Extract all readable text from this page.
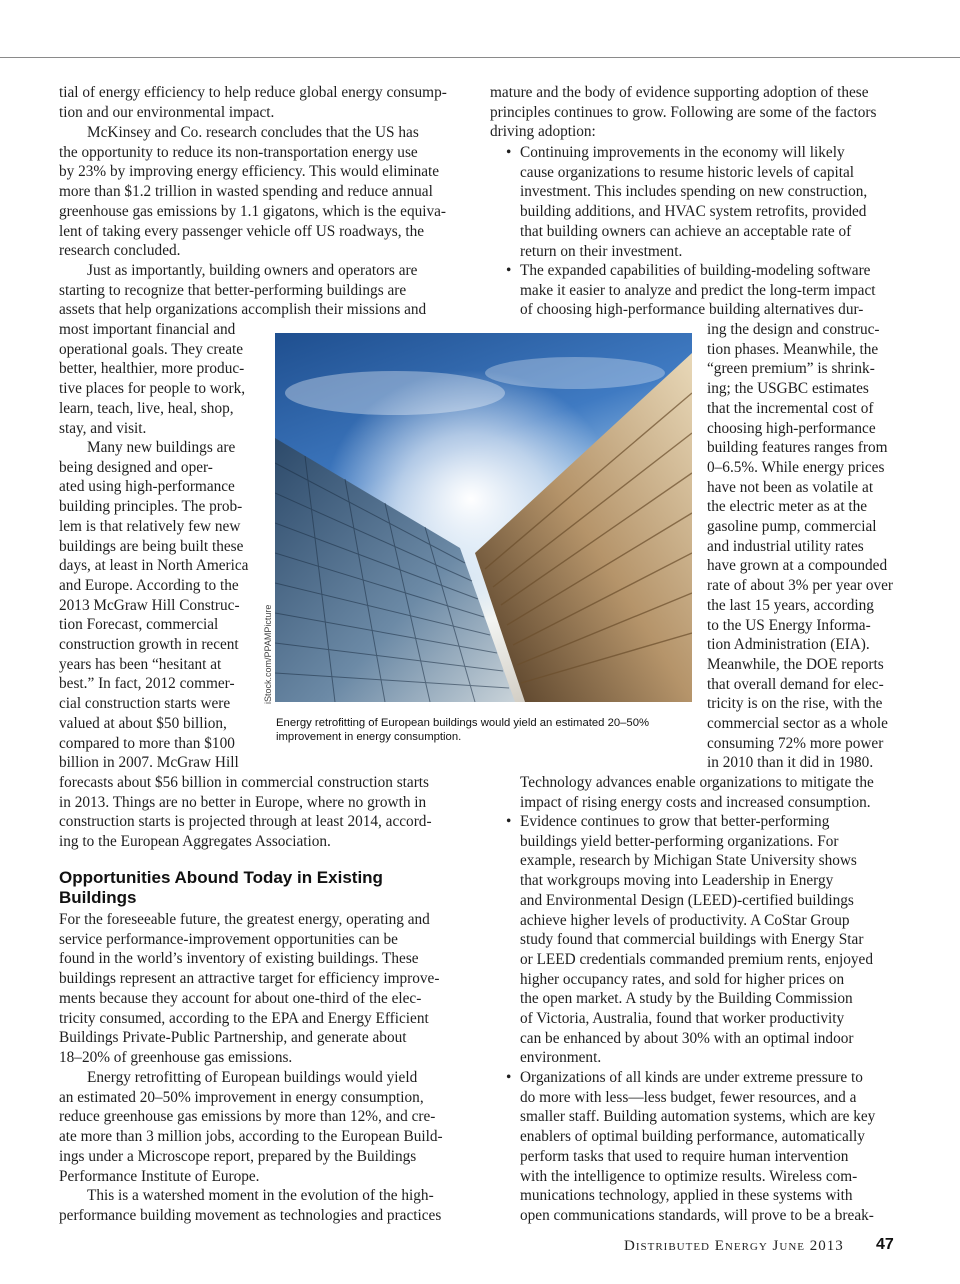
tial of energy efficiency to help reduce global energy consump-
tion and our environmental impact.

McKinsey and Co. research concludes that the US has
the opportunity to reduce its non-transportation energy use
by 23% by improving energy efficiency. This would eliminate
more than $1.2 trillion in wasted spending and reduce annual
greenhouse gas emissions by 1.1 gigatons, which is the equiva-
lent of taking every passenger vehicle off US roadways, the
research concluded.

Just as importantly, building owners and operators are
starting to recognize that better-performing buildings are
assets that help organizations accomplish their missions and

most important financial and
operational goals. They create
better, healthier, more produc-
tive places for people to work,
learn, teach, live, heal, shop,
stay, and visit.

Many new buildings are
being designed and oper-
ated using high-performance
building principles. The prob-
lem is that relatively few new
buildings are being built these
days, at least in North America
and Europe. According to the
2013 McGraw Hill Construc-
tion Forecast, commercial
construction growth in recent
years has been “hesitant at
best.” In fact, 2012 commer-
cial construction starts were
valued at about $50 billion,
compared to more than $100
billion in 2007. McGraw Hill

forecasts about $56 billion in commercial construction starts
in 2013. Things are no better in Europe, where no growth in
construction starts is projected through at least 2014, accord-
ing to the European Aggregates Association.

Opportunities Abound Today in Existing
Buildings

For the foreseeable future, the greatest energy, operating and
service performance-improvement opportunities can be
found in the world’s inventory of existing buildings. These
buildings represent an attractive target for efficiency improve-
ments because they account for about one-third of the elec-
tricity consumed, according to the EPA and Energy Efficient
Buildings Private-Public Partnership, and generate about
18–20% of greenhouse gas emissions.

Energy retrofitting of European buildings would yield
an estimated 20–50% improvement in energy consumption,
reduce greenhouse gas emissions by more than 12%, and cre-
ate more than 3 million jobs, according to the European Build-
ings under a Microscope report, prepared by the Buildings
Performance Institute of Europe.

This is a watershed moment in the evolution of the high-
performance building movement as technologies and practices

iStock.com/PPAMPicture

Energy retrofitting of European buildings would yield an estimated 20–50%
improvement in energy consumption.

mature and the body of evidence supporting adoption of these
principles continues to grow. Following are some of the factors
driving adoption:

• Continuing improvements in the economy will likely
cause organizations to resume historic levels of capital
investment. This includes spending on new construction,
building additions, and HVAC system retrofits, provided
that building owners can achieve an acceptable rate of
return on their investment.

• The expanded capabilities of building-modeling software
make it easier to analyze and predict the long-term impact
of choosing high-performance building alternatives dur-

ing the design and construc-
tion phases. Meanwhile, the
“green premium” is shrink-
ing; the USGBC estimates
that the incremental cost of
choosing high-performance
building features ranges from
0–6.5%. While energy prices
have not been as volatile at
the electric meter as at the
gasoline pump, commercial
and industrial utility rates
have grown at a compounded
rate of about 3% per year over
the last 15 years, according
to the US Energy Informa-
tion Administration (EIA).
Meanwhile, the DOE reports
that overall demand for elec-
tricity is on the rise, with the
commercial sector as a whole
consuming 72% more power
in 2010 than it did in 1980.

Technology advances enable organizations to mitigate the
impact of rising energy costs and increased consumption.

• Evidence continues to grow that better-performing
buildings yield better-performing organizations. For
example, research by Michigan State University shows
that workgroups moving into Leadership in Energy
and Environmental Design (LEED)-certified buildings
achieve higher levels of productivity. A CoStar Group
study found that commercial buildings with Energy Star
or LEED credentials commanded premium rents, enjoyed
higher occupancy rates, and sold for higher prices on
the open market. A study by the Building Commission
of Victoria, Australia, found that worker productivity
can be enhanced by about 30% with an optimal indoor
environment.

• Organizations of all kinds are under extreme pressure to
do more with less—less budget, fewer resources, and a
smaller staff. Building automation systems, which are key
enablers of optimal building performance, automatically
perform tasks that used to require human intervention
with the intelligence to optimize results. Wireless com-
munications technology, applied in these systems with
open communications standards, will prove to be a break-

Distributed Energy June 2013 47
